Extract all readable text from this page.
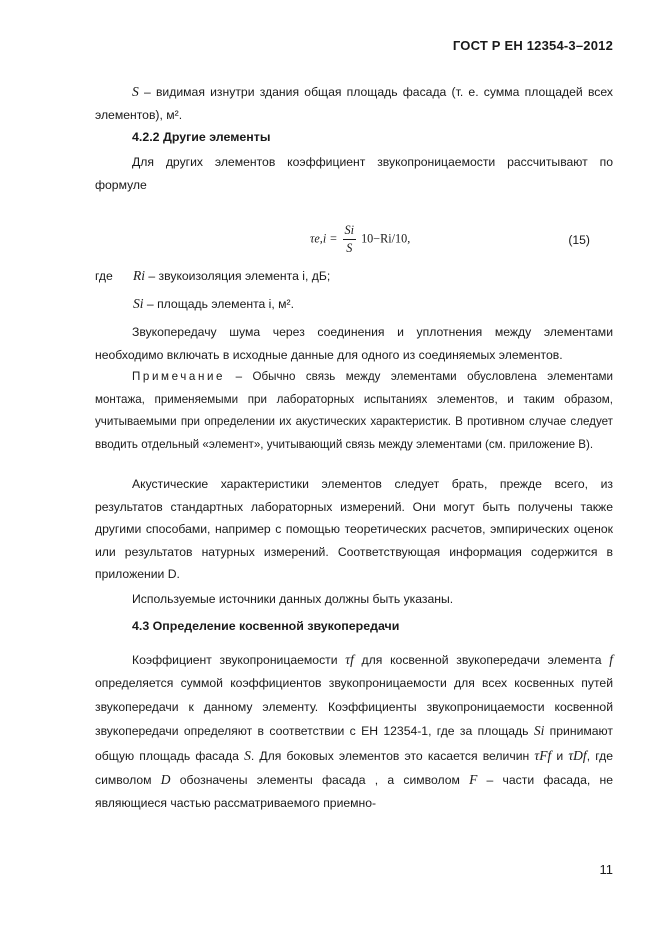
ГОСТ Р ЕН 12354-3–2012
S – видимая изнутри здания общая площадь фасада (т. е. сумма площадей всех элементов), м².
4.2.2 Другие элементы
Для других элементов коэффициент звукопроницаемости рассчитывают по формуле
$\tau e,i = \frac{Si}{S} 10-Ri/10$,	(15)
где Ri – звукоизоляция элемента i, дБ;
Si – площадь элемента i, м².
Звукопередачу шума через соединения и уплотнения между элементами необходимо включать в исходные данные для одного из соединяемых элементов.
Примечание – Обычно связь между элементами обусловлена элементами монтажа, применяемыми при лабораторных испытаниях элементов, и таким образом, учитываемыми при определении их акустических характеристик. В противном случае следует вводить отдельный «элемент», учитывающий связь между элементами (см. приложение В).
Акустические характеристики элементов следует брать, прежде всего, из результатов стандартных лабораторных измерений. Они могут быть получены также другими способами, например с помощью теоретических расчетов, эмпирических оценок или результатов натурных измерений. Соответствующая информация содержится в приложении D.
Используемые источники данных должны быть указаны.
4.3 Определение косвенной звукопередачи
Коэффициент звукопроницаемости τf для косвенной звукопередачи элемента f определяется суммой коэффициентов звукопроницаемости для всех косвенных путей звукопередачи к данному элементу. Коэффициенты звукопроницаемости косвенной звукопередачи определяют в соответствии с ЕН 12354-1, где за площадь Si принимают общую площадь фасада S. Для боковых элементов это касается величин τFf и τDf, где символом D обозначены элементы фасада , а символом F – части фасада, не являющиеся частью рассматриваемого приемно-
11
